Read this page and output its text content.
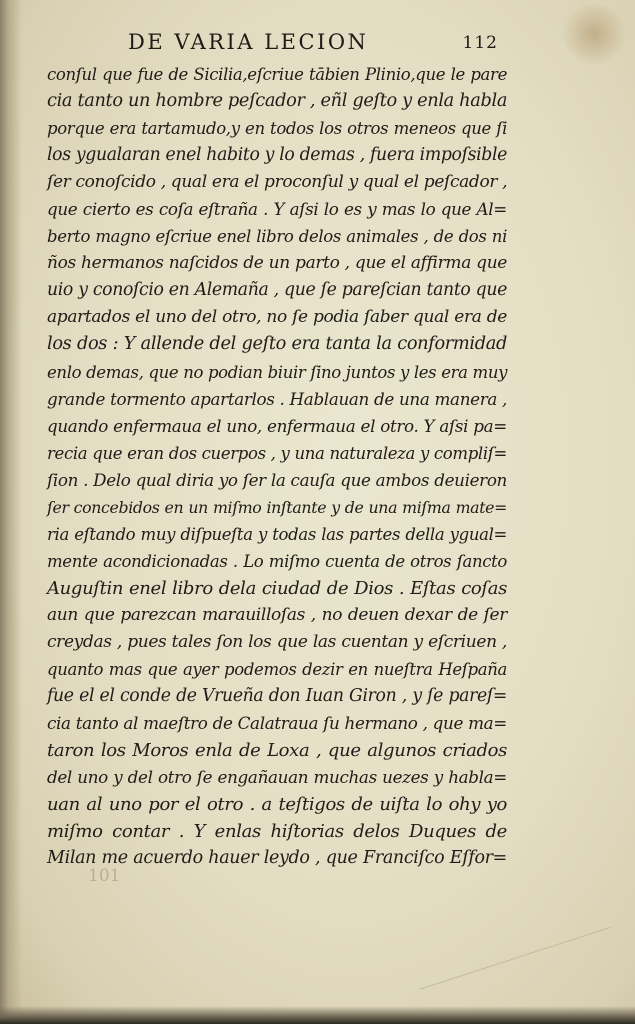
DE VARIA LECION	112
conſul que fue de Sicilia,eſcriue tābien Plinio,que le pare
cia tanto un hombre peſcador , eñl geſto y enla habla
porque era tartamudo,y en todos los otros meneos que ſi
los ygualaran enel habito y lo demas , fuera impoſsible
ſer conoſcido , qual era el proconſul y qual el peſcador ,
que cierto es coſa eſtraña . Y aſsi lo es y mas lo que Al=
berto magno eſcriue enel libro delos animales , de dos ni
ños hermanos naſcidos de un parto , que el affirma que
uio y conoſcio en Alemaña , que ſe pareſcian tanto que
apartados el uno del otro, no ſe podia ſaber qual era de
los dos : Y allende del geſto era tanta la conformidad
enlo demas, que no podian biuir ſino juntos y les era muy
grande tormento apartarlos . Hablauan de una manera ,
quando enfermaua el uno, enfermaua el otro. Y aſsi pa=
recia que eran dos cuerpos , y una naturaleza y compliſ=
ſion . Delo qual diria yo ſer la cauſa que ambos deuieron
ſer concebidos en un miſmo inſtante y de una miſma mate=
ria eſtando muy diſpueſta y todas las partes della ygual=
mente acondicionadas . Lo miſmo cuenta de otros ſancto
Auguſtin enel libro dela ciudad de Dios . Eſtas coſas
aun que parezcan marauilloſas , no deuen dexar de ſer
creydas , pues tales ſon los que las cuentan y eſcriuen ,
quanto mas que ayer podemos dezir en nueſtra Heſpaña
fue el el conde de Vrueña don Iuan Giron , y ſe pareſ=
cia tanto al maeſtro de Calatraua ſu hermano , que ma=
taron los Moros enla de Loxa , que algunos criados
del uno y del otro ſe engañauan muchas uezes y habla=
uan al uno por el otro . a teſtigos de uiſta lo ohy yo
miſmo contar . Y enlas hiſtorias delos Duques de
Milan me acuerdo hauer leydo , que Franciſco Eſfor=
101
